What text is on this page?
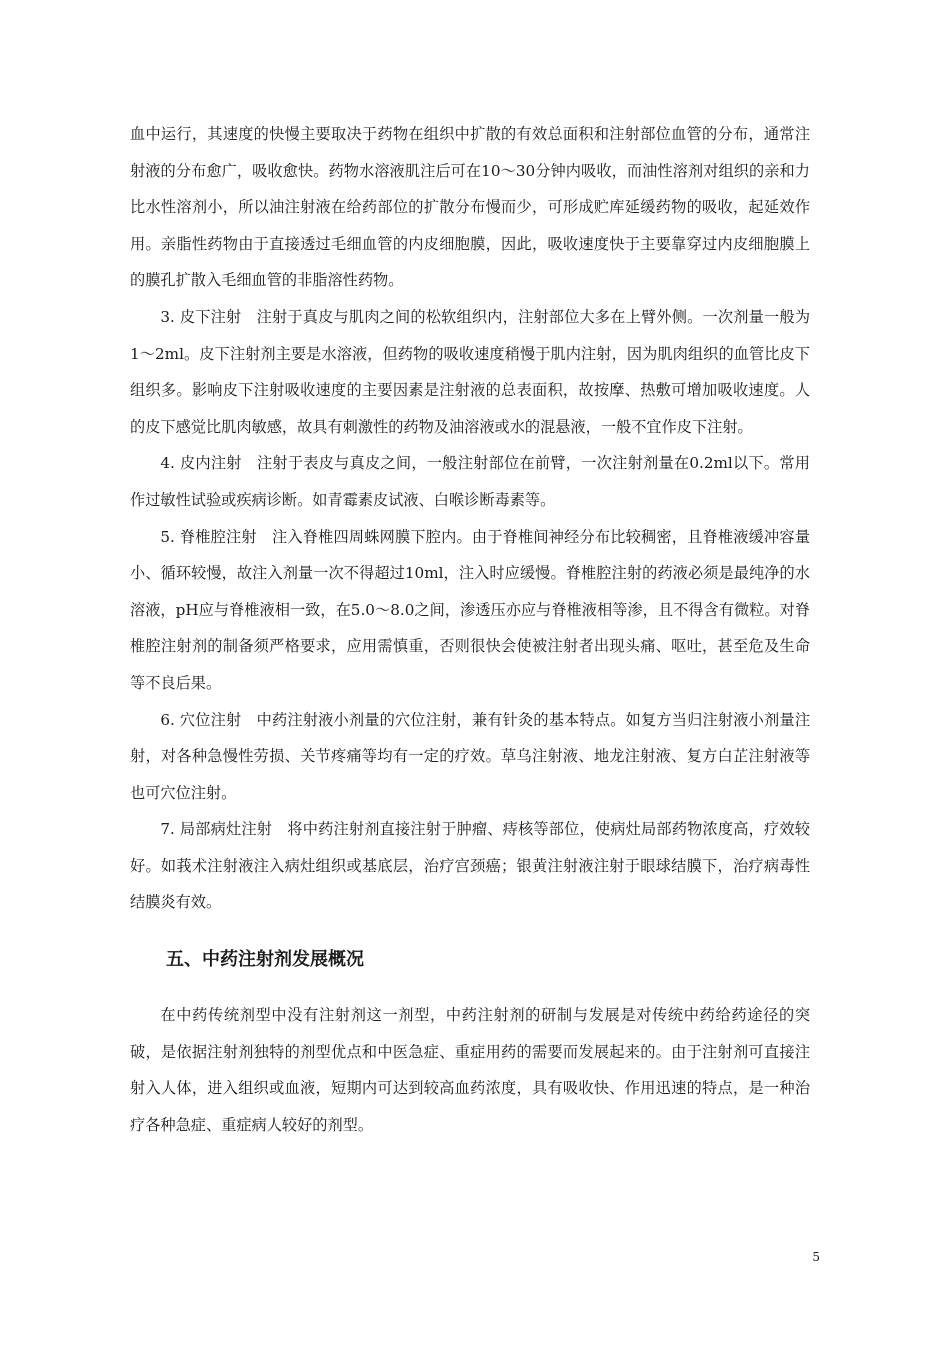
血中运行，其速度的快慢主要取决于药物在组织中扩散的有效总面积和注射部位血管的分布，通常注射液的分布愈广，吸收愈快。药物水溶液肌注后可在10～30分钟内吸收，而油性溶剂对组织的亲和力比水性溶剂小，所以油注射液在给药部位的扩散分布慢而少，可形成贮库延缓药物的吸收，起延效作用。亲脂性药物由于直接透过毛细血管的内皮细胞膜，因此，吸收速度快于主要靠穿过内皮细胞膜上的膜孔扩散入毛细血管的非脂溶性药物。

3. 皮下注射 注射于真皮与肌肉之间的松软组织内，注射部位大多在上臂外侧。一次剂量一般为1～2ml。皮下注射剂主要是水溶液，但药物的吸收速度稍慢于肌内注射，因为肌肉组织的血管比皮下组织多。影响皮下注射吸收速度的主要因素是注射液的总表面积，故按摩、热敷可增加吸收速度。人的皮下感觉比肌肉敏感，故具有刺激性的药物及油溶液或水的混悬液，一般不宜作皮下注射。

4. 皮内注射 注射于表皮与真皮之间，一般注射部位在前臂，一次注射剂量在0.2ml以下。常用作过敏性试验或疾病诊断。如青霉素皮试液、白喉诊断毒素等。

5. 脊椎腔注射 注入脊椎四周蛛网膜下腔内。由于脊椎间神经分布比较稠密，且脊椎液缓冲容量小、循环较慢，故注入剂量一次不得超过10ml，注入时应缓慢。脊椎腔注射的药液必须是最纯净的水溶液，pH应与脊椎液相一致，在5.0～8.0之间，渗透压亦应与脊椎液相等渗，且不得含有微粒。对脊椎腔注射剂的制备须严格要求，应用需慎重，否则很快会使被注射者出现头痛、呕吐，甚至危及生命等不良后果。

6. 穴位注射 中药注射液小剂量的穴位注射，兼有针灸的基本特点。如复方当归注射液小剂量注射，对各种急慢性劳损、关节疼痛等均有一定的疗效。草乌注射液、地龙注射液、复方白芷注射液等也可穴位注射。

7. 局部病灶注射 将中药注射剂直接注射于肿瘤、痔核等部位，使病灶局部药物浓度高，疗效较好。如莪术注射液注入病灶组织或基底层，治疗宫颈癌；银黄注射液注射于眼球结膜下，治疗病毒性结膜炎有效。

五、中药注射剂发展概况

在中药传统剂型中没有注射剂这一剂型，中药注射剂的研制与发展是对传统中药给药途径的突破，是依据注射剂独特的剂型优点和中医急症、重症用药的需要而发展起来的。由于注射剂可直接注射入人体，进入组织或血液，短期内可达到较高血药浓度，具有吸收快、作用迅速的特点，是一种治疗各种急症、重症病人较好的剂型。

5
